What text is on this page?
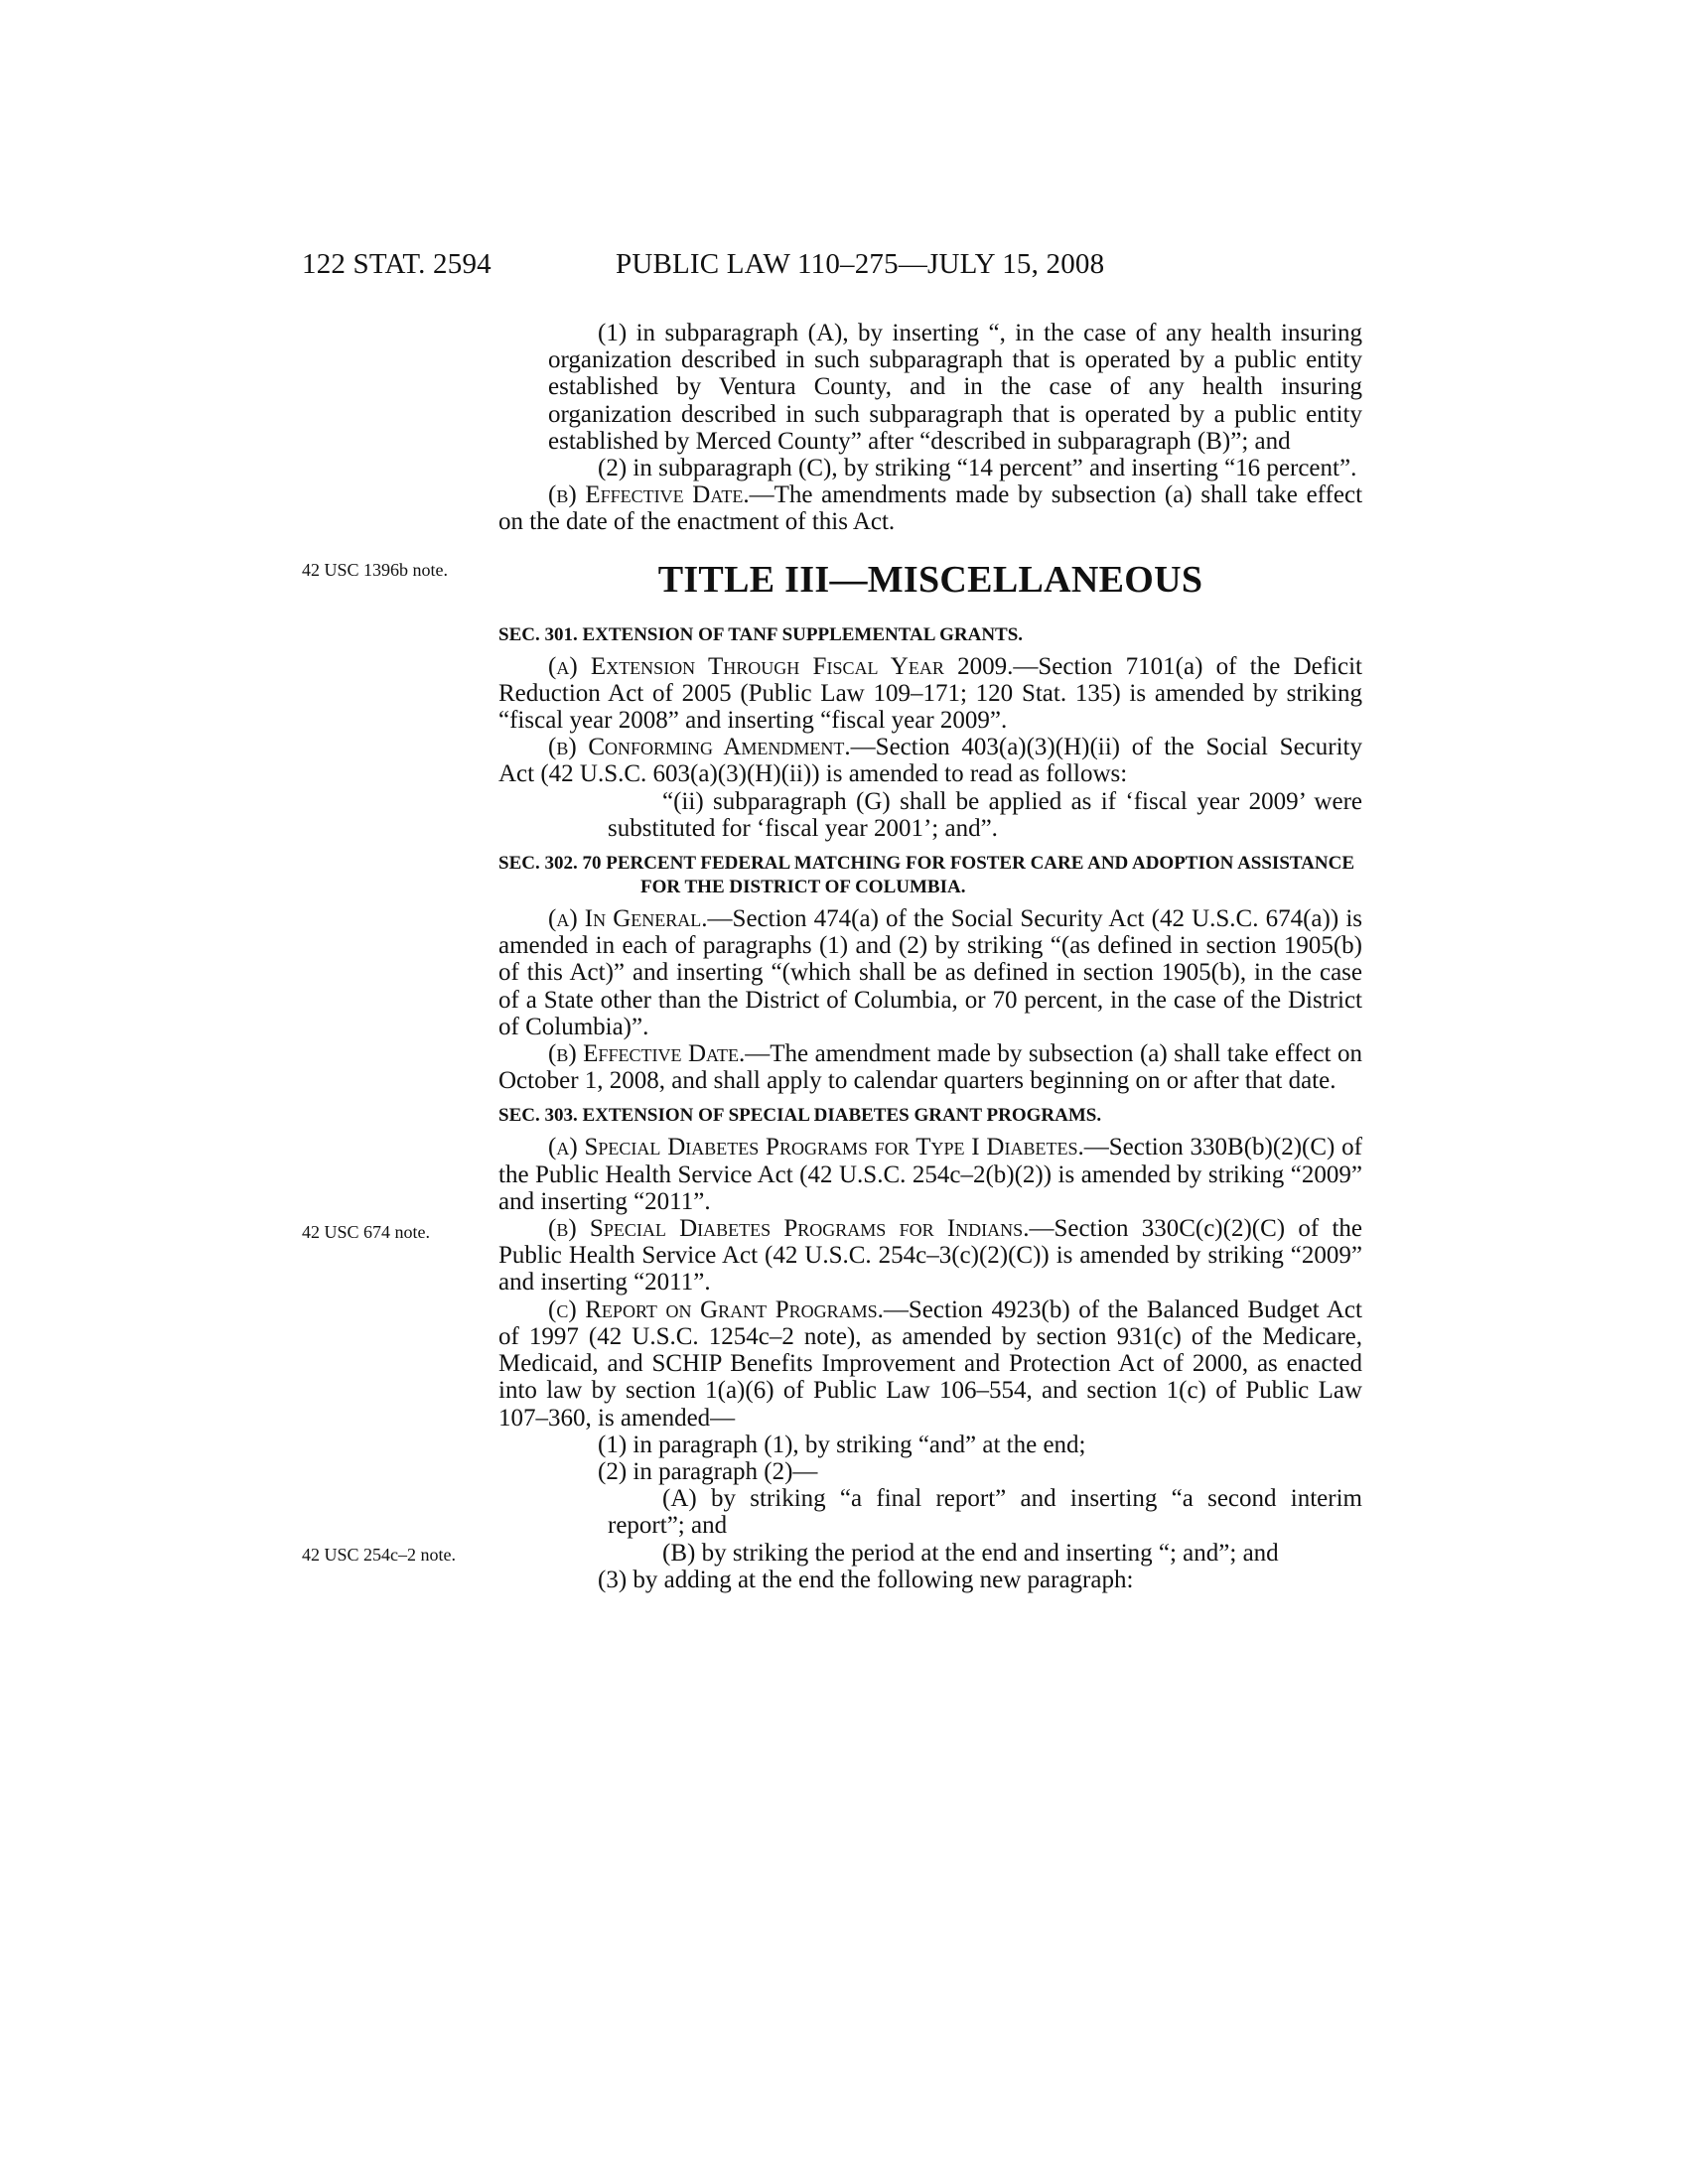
122 STAT. 2594	PUBLIC LAW 110–275—JULY 15, 2008
42 USC 1396b note.
42 USC 674 note.
42 USC 254c–2 note.

(1) in subparagraph (A), by inserting “, in the case of any health insuring organization described in such subparagraph that is operated by a public entity established by Ventura County, and in the case of any health insuring organization described in such subparagraph that is operated by a public entity established by Merced County” after “described in subparagraph (B)”; and

(2) in subparagraph (C), by striking “14 percent” and inserting “16 percent”.

(b) Effective Date.—The amendments made by subsection (a) shall take effect on the date of the enactment of this Act.

TITLE III—MISCELLANEOUS

SEC. 301. EXTENSION OF TANF SUPPLEMENTAL GRANTS.

(a) Extension Through Fiscal Year 2009.—Section 7101(a) of the Deficit Reduction Act of 2005 (Public Law 109–171; 120 Stat. 135) is amended by striking “fiscal year 2008” and inserting “fiscal year 2009”.

(b) Conforming Amendment.—Section 403(a)(3)(H)(ii) of the Social Security Act (42 U.S.C. 603(a)(3)(H)(ii)) is amended to read as follows:

“(ii) subparagraph (G) shall be applied as if ‘fiscal year 2009’ were substituted for ‘fiscal year 2001’; and”.

SEC. 302. 70 PERCENT FEDERAL MATCHING FOR FOSTER CARE AND ADOPTION ASSISTANCE FOR THE DISTRICT OF COLUMBIA.

(a) In General.—Section 474(a) of the Social Security Act (42 U.S.C. 674(a)) is amended in each of paragraphs (1) and (2) by striking “(as defined in section 1905(b) of this Act)” and inserting “(which shall be as defined in section 1905(b), in the case of a State other than the District of Columbia, or 70 percent, in the case of the District of Columbia)”.

(b) Effective Date.—The amendment made by subsection (a) shall take effect on October 1, 2008, and shall apply to calendar quarters beginning on or after that date.

SEC. 303. EXTENSION OF SPECIAL DIABETES GRANT PROGRAMS.

(a) Special Diabetes Programs for Type I Diabetes.—Section 330B(b)(2)(C) of the Public Health Service Act (42 U.S.C. 254c–2(b)(2)) is amended by striking “2009” and inserting “2011”.

(b) Special Diabetes Programs for Indians.—Section 330C(c)(2)(C) of the Public Health Service Act (42 U.S.C. 254c–3(c)(2)(C)) is amended by striking “2009” and inserting “2011”.

(c) Report on Grant Programs.—Section 4923(b) of the Balanced Budget Act of 1997 (42 U.S.C. 1254c–2 note), as amended by section 931(c) of the Medicare, Medicaid, and SCHIP Benefits Improvement and Protection Act of 2000, as enacted into law by section 1(a)(6) of Public Law 106–554, and section 1(c) of Public Law 107–360, is amended—

(1) in paragraph (1), by striking “and” at the end;

(2) in paragraph (2)—

(A) by striking “a final report” and inserting “a second interim report”; and

(B) by striking the period at the end and inserting “; and”; and

(3) by adding at the end the following new paragraph:
